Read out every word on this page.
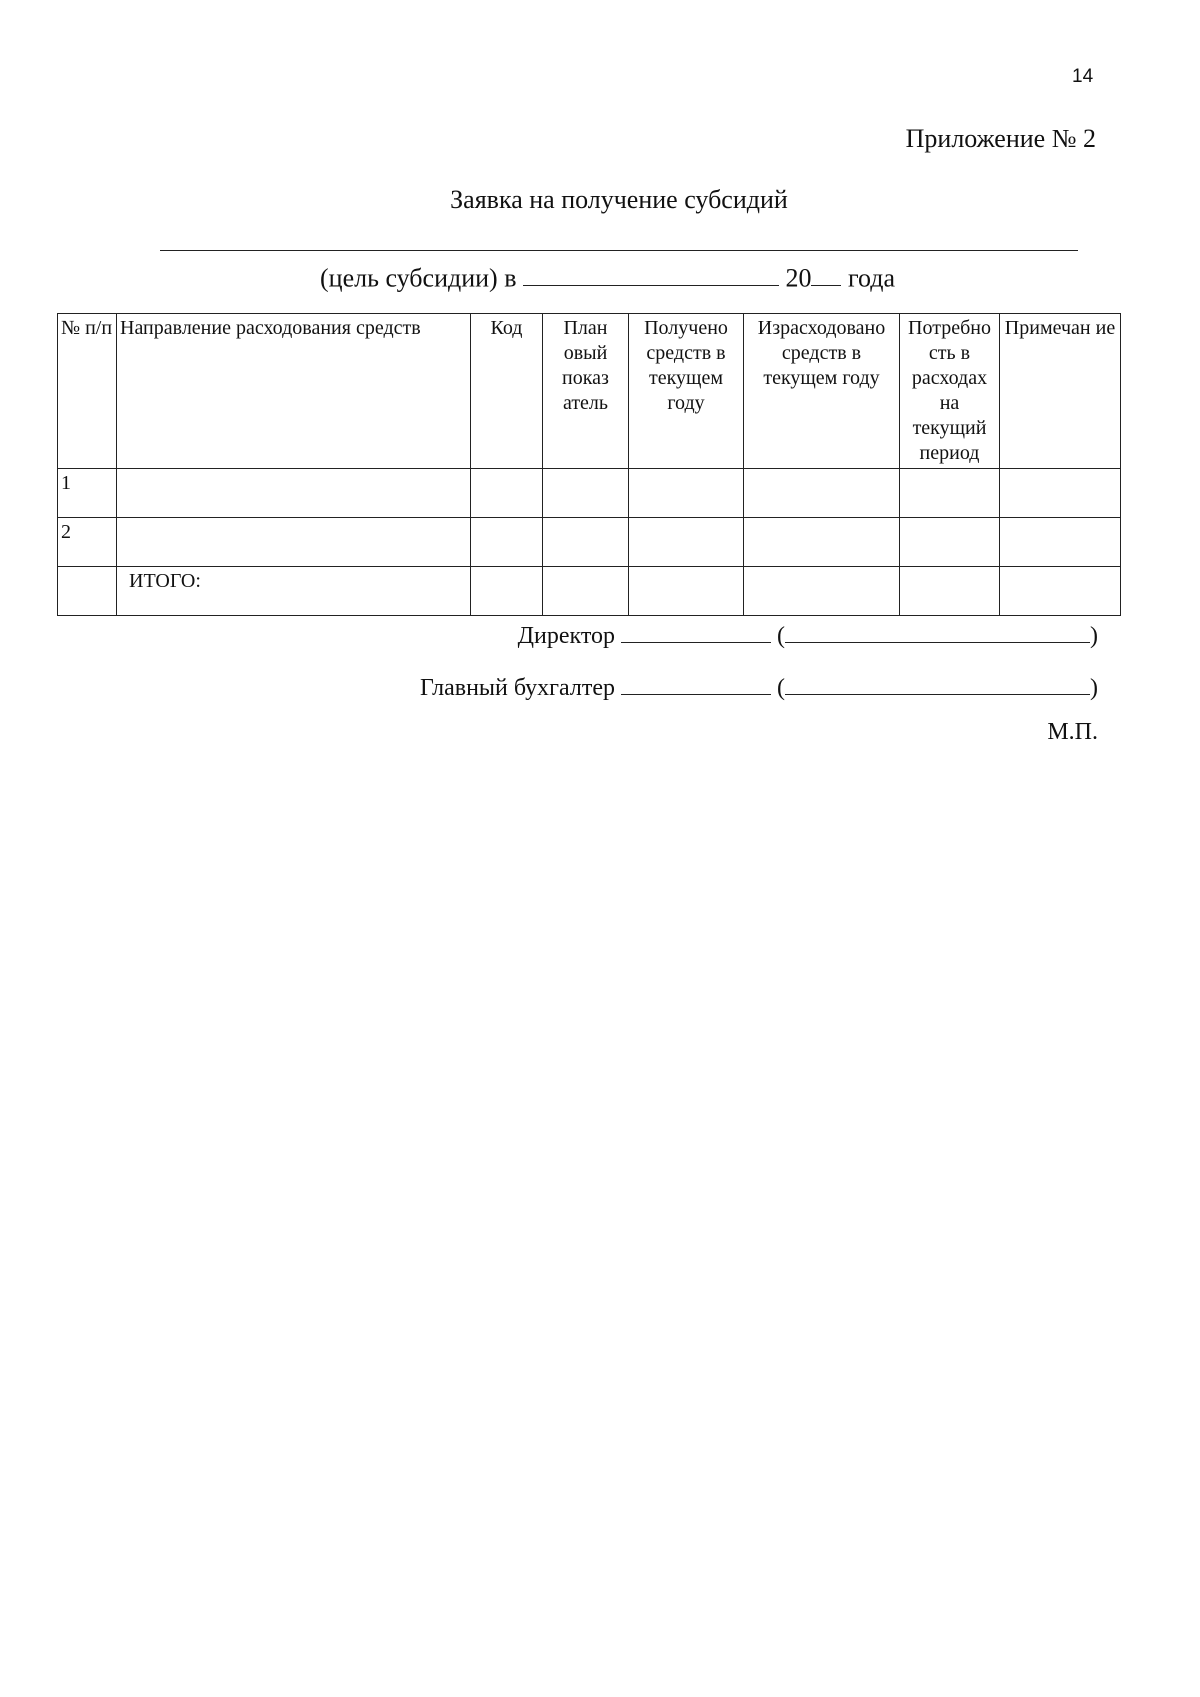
14
Приложение № 2
Заявка на получение субсидий
(цель субсидии) в	20 года
№ п/п	Направление расходования средств	Код	План овый показ атель	Получено средств в текущем году	Израсходовано средств в текущем году	Потребно сть в расходах на текущий период	Примечан ие
1							
2							
	ИТОГО:						
Директор	(	)
Главный бухгалтер	(	)
М.П.
